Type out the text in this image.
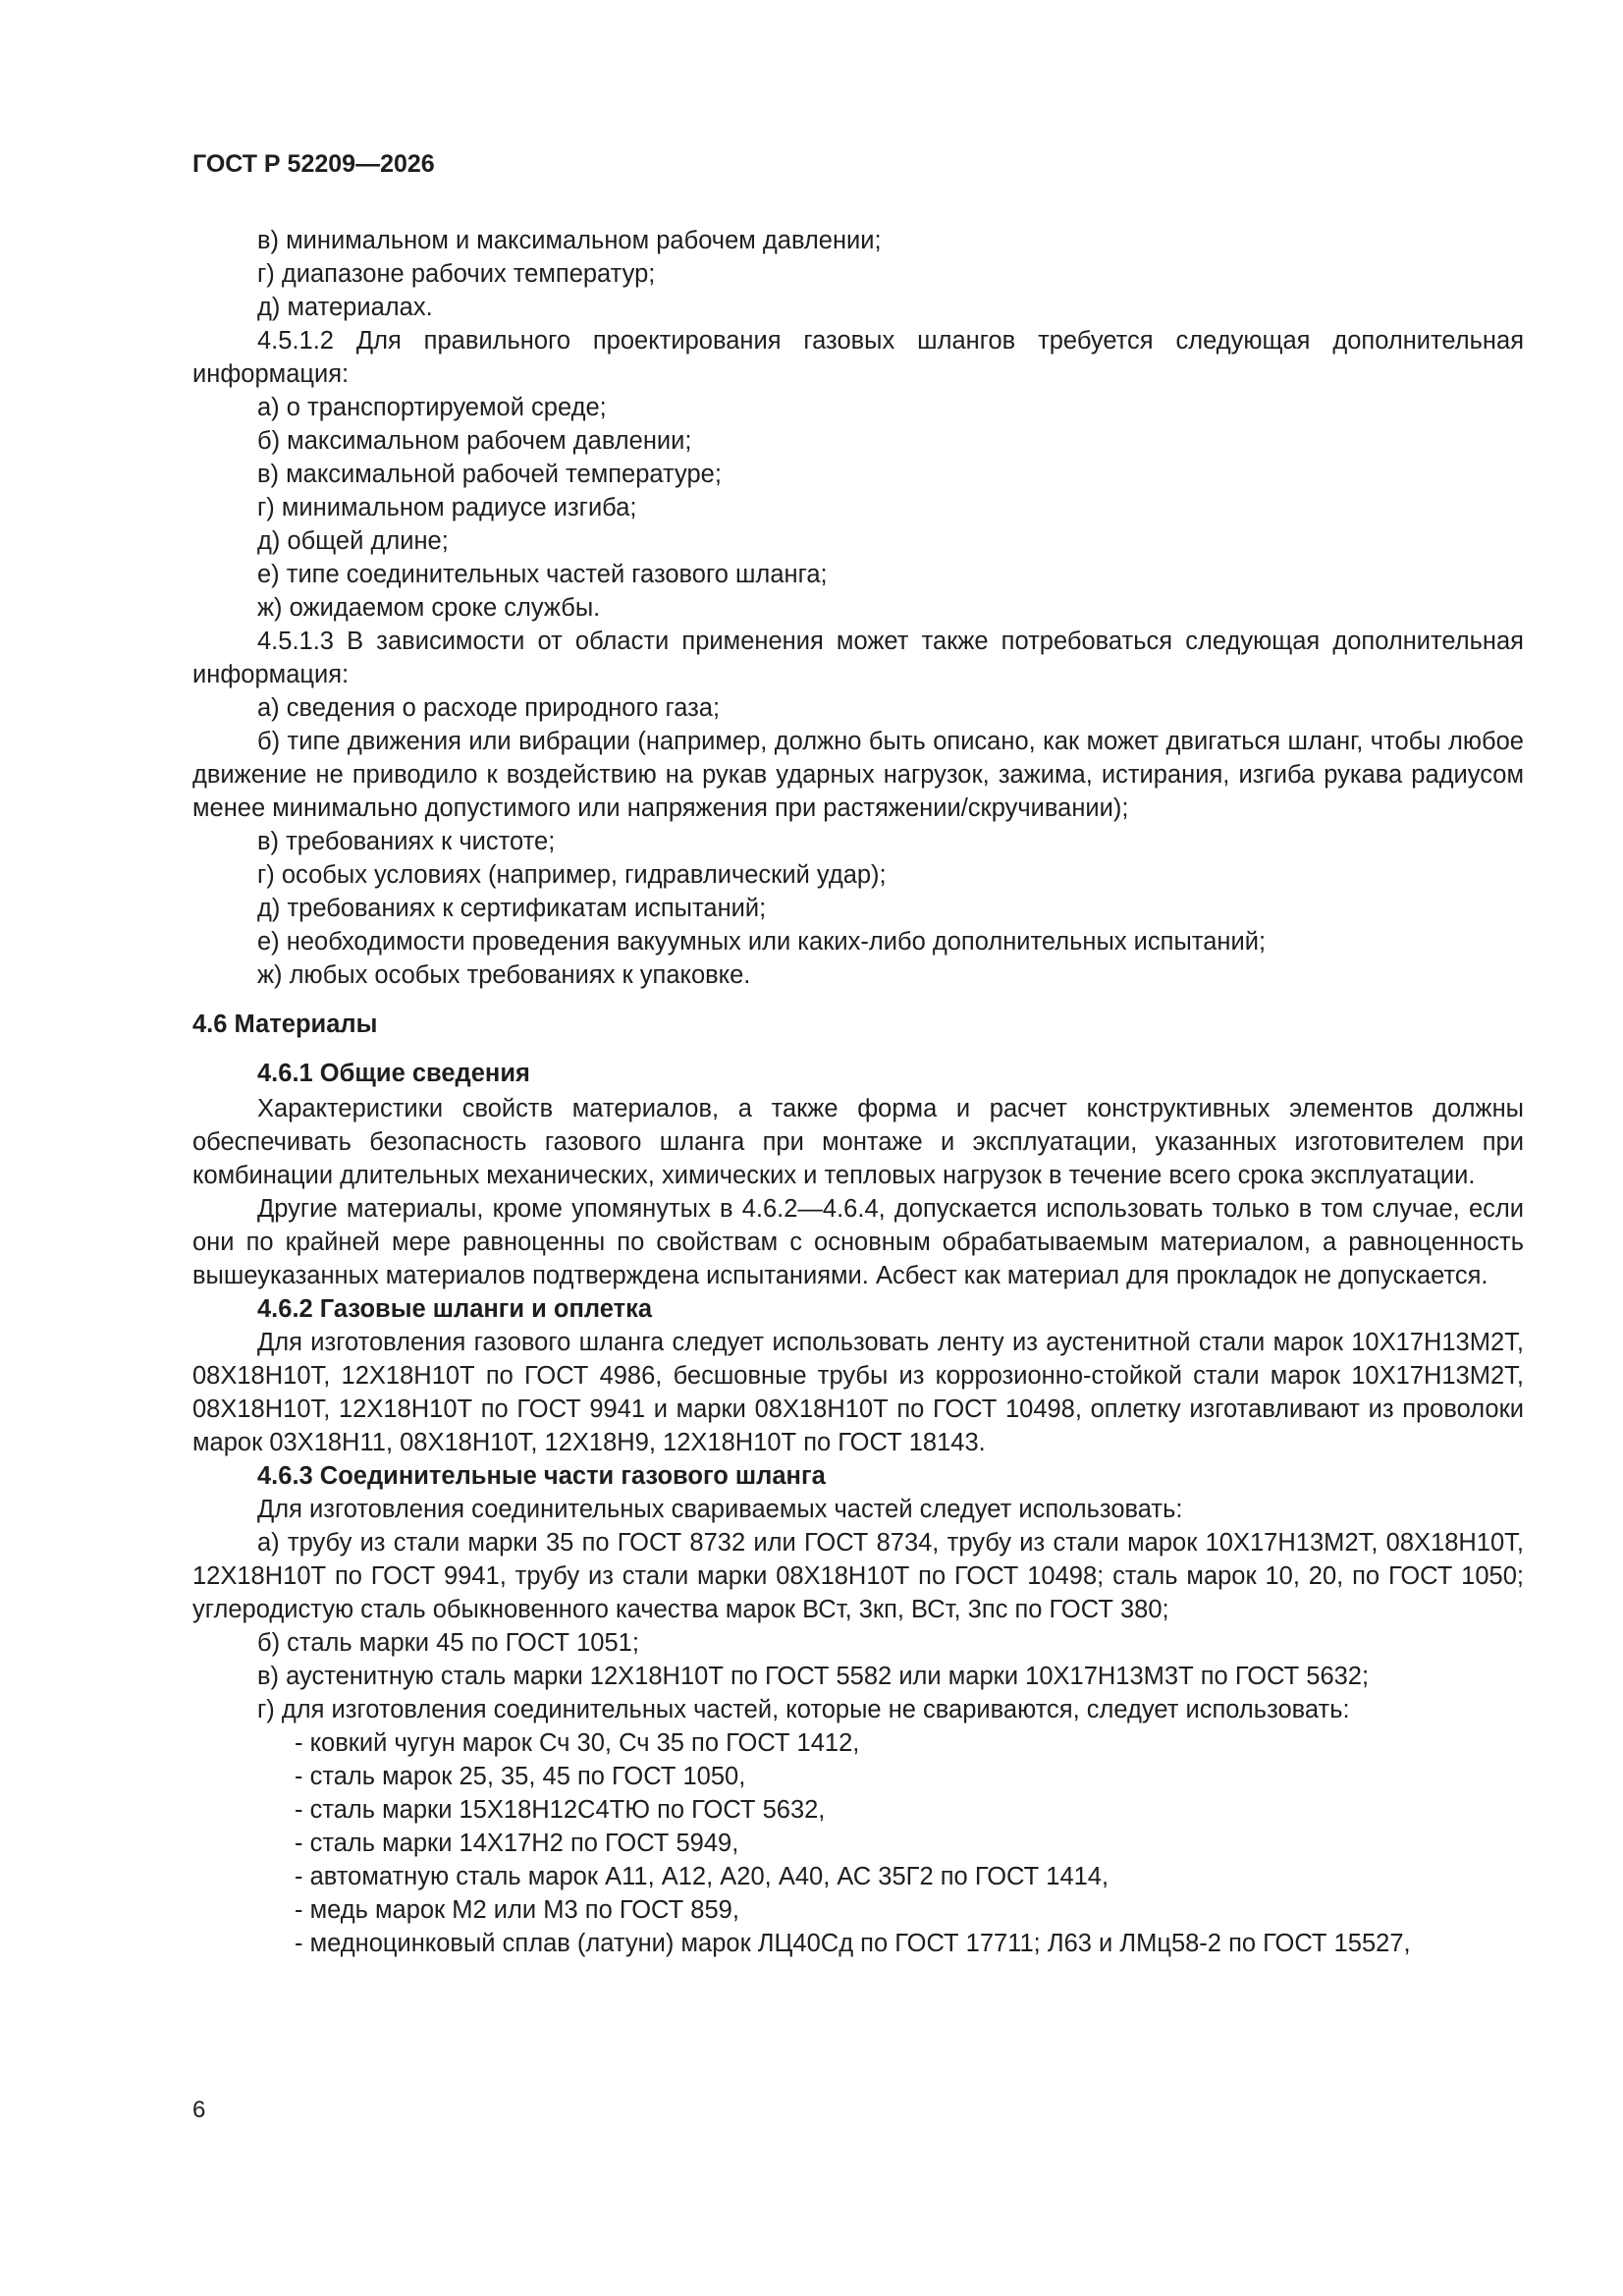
ГОСТ Р 52209—2026

в) минимальном и максимальном рабочем давлении;

г) диапазоне рабочих температур;

д) материалах.

4.5.1.2 Для правильного проектирования газовых шлангов требуется следующая дополнительная информация:

а) о транспортируемой среде;

б) максимальном рабочем давлении;

в) максимальной рабочей температуре;

г) минимальном радиусе изгиба;

д) общей длине;

е) типе соединительных частей газового шланга;

ж) ожидаемом сроке службы.

4.5.1.3 В зависимости от области применения может также потребоваться следующая дополнительная информация:

а) сведения о расходе природного газа;

б) типе движения или вибрации (например, должно быть описано, как может двигаться шланг, чтобы любое движение не приводило к воздействию на рукав ударных нагрузок, зажима, истирания, изгиба рукава радиусом менее минимально допустимого или напряжения при растяжении/скручивании);

в) требованиях к чистоте;

г) особых условиях (например, гидравлический удар);

д) требованиях к сертификатам испытаний;

е) необходимости проведения вакуумных или каких-либо дополнительных испытаний;

ж) любых особых требованиях к упаковке.

4.6 Материалы

4.6.1 Общие сведения

Характеристики свойств материалов, а также форма и расчет конструктивных элементов должны обеспечивать безопасность газового шланга при монтаже и эксплуатации, указанных изготовителем при комбинации длительных механических, химических и тепловых нагрузок в течение всего срока эксплуатации.

Другие материалы, кроме упомянутых в 4.6.2—4.6.4, допускается использовать только в том случае, если они по крайней мере равноценны по свойствам с основным обрабатываемым материалом, а равноценность вышеуказанных материалов подтверждена испытаниями. Асбест как материал для прокладок не допускается.

4.6.2 Газовые шланги и оплетка

Для изготовления газового шланга следует использовать ленту из аустенитной стали марок 10Х17Н13М2Т, 08Х18Н10Т, 12Х18Н10Т по ГОСТ 4986, бесшовные трубы из коррозионно-стойкой стали марок 10Х17Н13М2Т, 08Х18Н10Т, 12Х18Н10Т по ГОСТ 9941 и марки 08Х18Н10Т по ГОСТ 10498, оплетку изготавливают из проволоки марок 03Х18Н11, 08Х18Н10Т, 12Х18Н9, 12Х18Н10Т по ГОСТ 18143.

4.6.3 Соединительные части газового шланга

Для изготовления соединительных свариваемых частей следует использовать:

а) трубу из стали марки 35 по ГОСТ 8732 или ГОСТ 8734, трубу из стали марок 10Х17Н13М2Т, 08Х18Н10Т, 12Х18Н10Т по ГОСТ 9941, трубу из стали марки 08Х18Н10Т по ГОСТ 10498; сталь марок 10, 20, по ГОСТ 1050; углеродистую сталь обыкновенного качества марок ВСт, 3кп, ВСт, 3пс по ГОСТ 380;

б) сталь марки 45 по ГОСТ 1051;

в) аустенитную сталь марки 12Х18Н10Т по ГОСТ 5582 или марки 10Х17Н13М3Т по ГОСТ 5632;

г) для изготовления соединительных частей, которые не свариваются, следует использовать:

- ковкий чугун марок Сч 30, Сч 35 по ГОСТ 1412,

- сталь марок 25, 35, 45 по ГОСТ 1050,

- сталь марки 15Х18Н12С4ТЮ по ГОСТ 5632,

- сталь марки 14Х17Н2 по ГОСТ 5949,

- автоматную сталь марок А11, А12, А20, А40, АС 35Г2 по ГОСТ 1414,

- медь марок М2 или М3 по ГОСТ 859,

- медноцинковый сплав (латуни) марок ЛЦ40Сд по ГОСТ 17711; Л63 и ЛМц58-2 по ГОСТ 15527,

6
